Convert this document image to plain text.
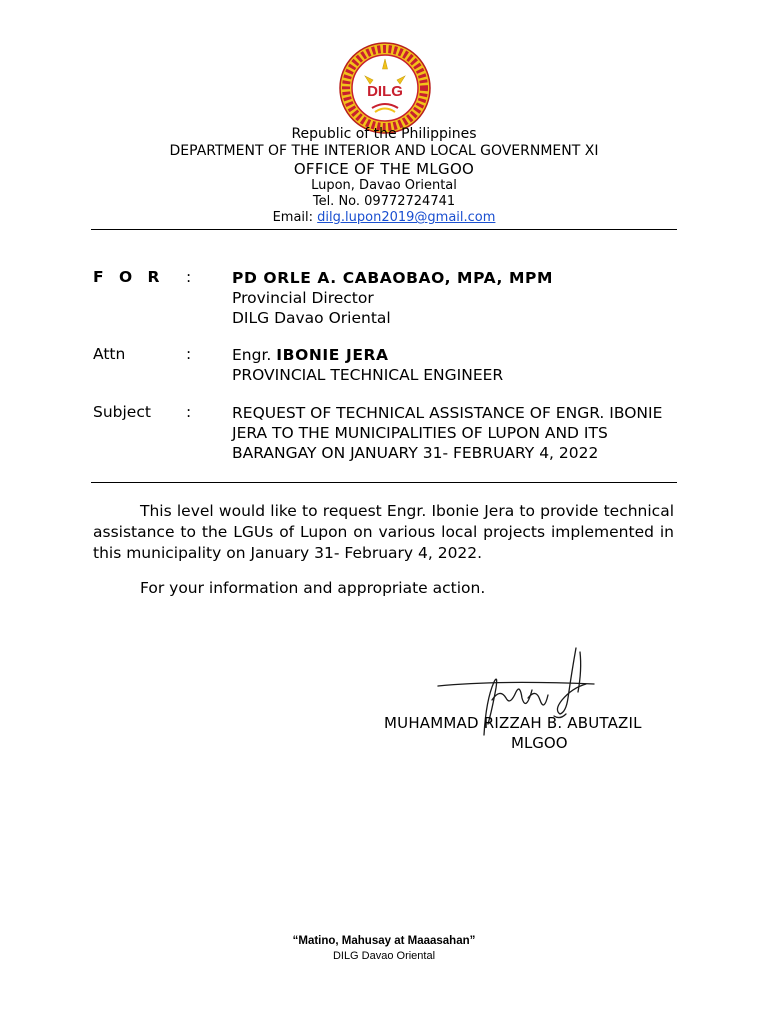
DILG
Republic of the Philippines
DEPARTMENT OF THE INTERIOR AND LOCAL GOVERNMENT XI
OFFICE OF THE MLGOO
Lupon, Davao Oriental
Tel. No. 09772724741
Email: dilg.lupon2019@gmail.com
F O R :	PD ORLE A. CABAOBAO, MPA, MPM
Provincial Director
DILG Davao Oriental
Attn	:	Engr. IBONIE JERA
PROVINCIAL TECHNICAL ENGINEER
Subject :	REQUEST OF TECHNICAL ASSISTANCE OF ENGR. IBONIE JERA TO THE MUNICIPALITIES OF LUPON AND ITS BARANGAY ON JANUARY 31- FEBRUARY 4, 2022
This level would like to request Engr. Ibonie Jera to provide technical assistance to the LGUs of Lupon on various local projects implemented in this municipality on January 31- February 4, 2022.
For your information and appropriate action.
MUHAMMAD RIZZAH B. ABUTAZIL
MLGOO
“Matino, Mahusay at Maaasahan”
DILG Davao Oriental
